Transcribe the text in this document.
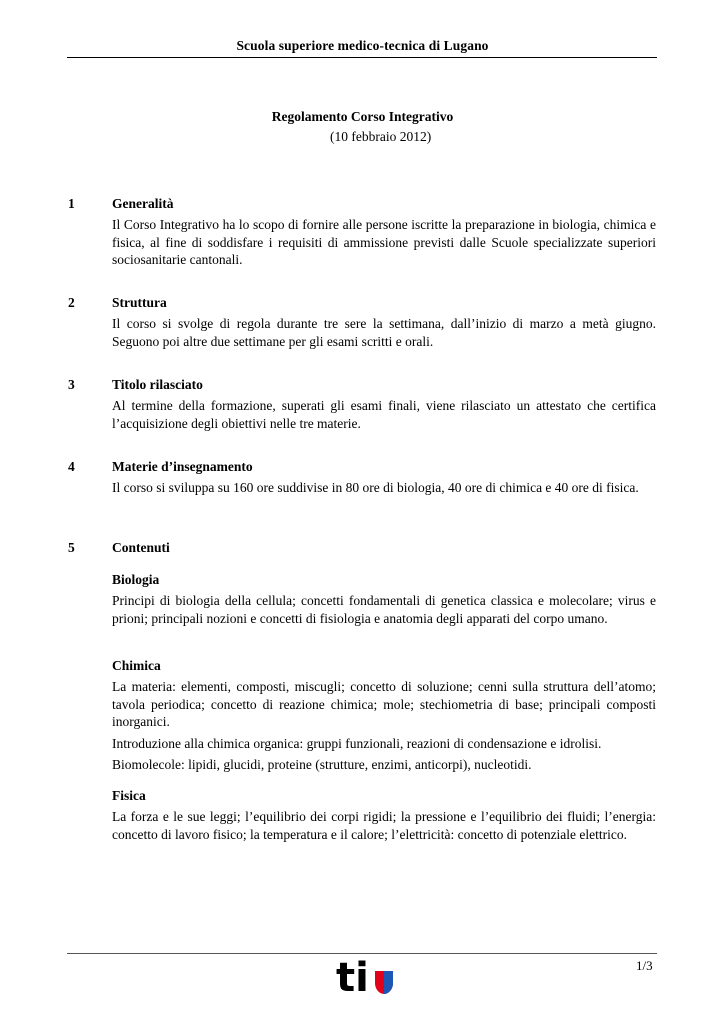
Scuola superiore medico-tecnica di Lugano
Regolamento Corso Integrativo
(10 febbraio 2012)
1	Generalità
Il Corso Integrativo ha lo scopo di fornire alle persone iscritte la preparazione in biologia, chimica e fisica, al fine di soddisfare i requisiti di ammissione previsti dalle Scuole specializzate superiori sociosanitarie cantonali.
2	Struttura
Il corso si svolge di regola durante tre sere la settimana, dall’inizio di marzo a metà giugno. Seguono poi altre due settimane per gli esami scritti e orali.
3	Titolo rilasciato
Al termine della formazione, superati gli esami finali, viene rilasciato un attestato che certifica l’acquisizione degli obiettivi nelle tre materie.
4	Materie d’insegnamento
Il corso si sviluppa su 160 ore suddivise in 80 ore di biologia, 40 ore di chimica e 40 ore di fisica.
5	Contenuti
Biologia
Principi di biologia della cellula; concetti fondamentali di genetica classica e molecolare; virus e prioni; principali nozioni e concetti di fisiologia e anatomia degli apparati del corpo umano.
Chimica
La materia: elementi, composti, miscugli; concetto di soluzione; cenni sulla struttura dell’atomo; tavola periodica; concetto di reazione chimica; mole; stechiometria di base; principali composti inorganici.
Introduzione alla chimica organica: gruppi funzionali, reazioni di condensazione e idrolisi.
Biomolecole: lipidi, glucidi, proteine (strutture, enzimi, anticorpi), nucleotidi.
Fisica
La forza e le sue leggi; l’equilibrio dei corpi rigidi; la pressione e l’equilibrio dei fluidi; l’energia: concetto di lavoro fisico; la temperatura e il calore; l’elettricità: concetto di potenziale elettrico.
ti	1/3
